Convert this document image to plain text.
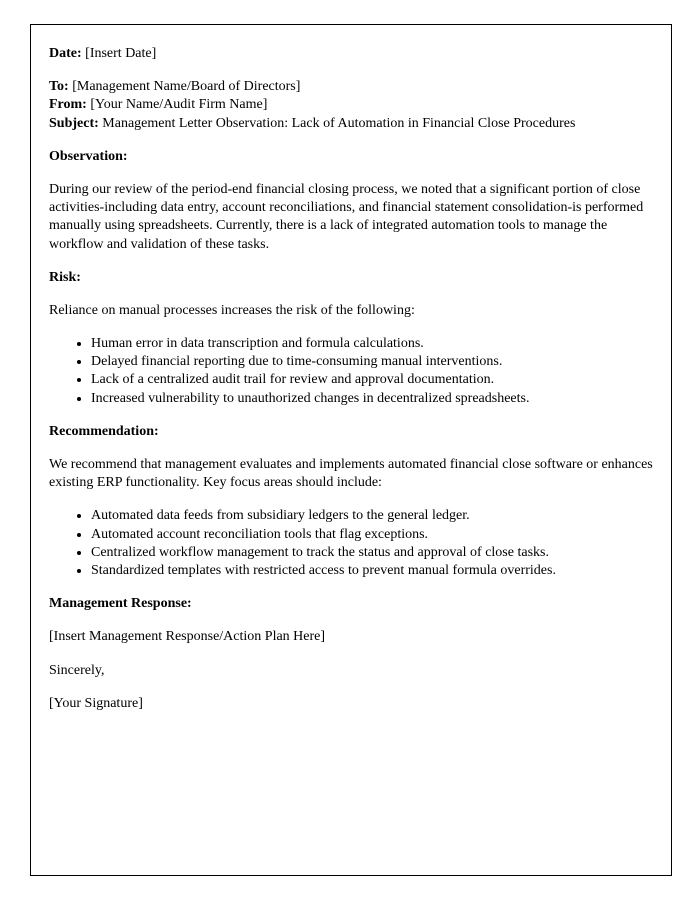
Date: [Insert Date]

To: [Management Name/Board of Directors]

From: [Your Name/Audit Firm Name]

Subject: Management Letter Observation: Lack of Automation in Financial Close Procedures

Observation:

During our review of the period-end financial closing process, we noted that a significant portion of close activities-including data entry, account reconciliations, and financial statement consolidation-is performed manually using spreadsheets. Currently, there is a lack of integrated automation tools to manage the workflow and validation of these tasks.

Risk:

Reliance on manual processes increases the risk of the following:

• Human error in data transcription and formula calculations.
• Delayed financial reporting due to time-consuming manual interventions.
• Lack of a centralized audit trail for review and approval documentation.
• Increased vulnerability to unauthorized changes in decentralized spreadsheets.

Recommendation:

We recommend that management evaluates and implements automated financial close software or enhances existing ERP functionality. Key focus areas should include:

• Automated data feeds from subsidiary ledgers to the general ledger.
• Automated account reconciliation tools that flag exceptions.
• Centralized workflow management to track the status and approval of close tasks.
• Standardized templates with restricted access to prevent manual formula overrides.

Management Response:

[Insert Management Response/Action Plan Here]

Sincerely,

[Your Signature]
